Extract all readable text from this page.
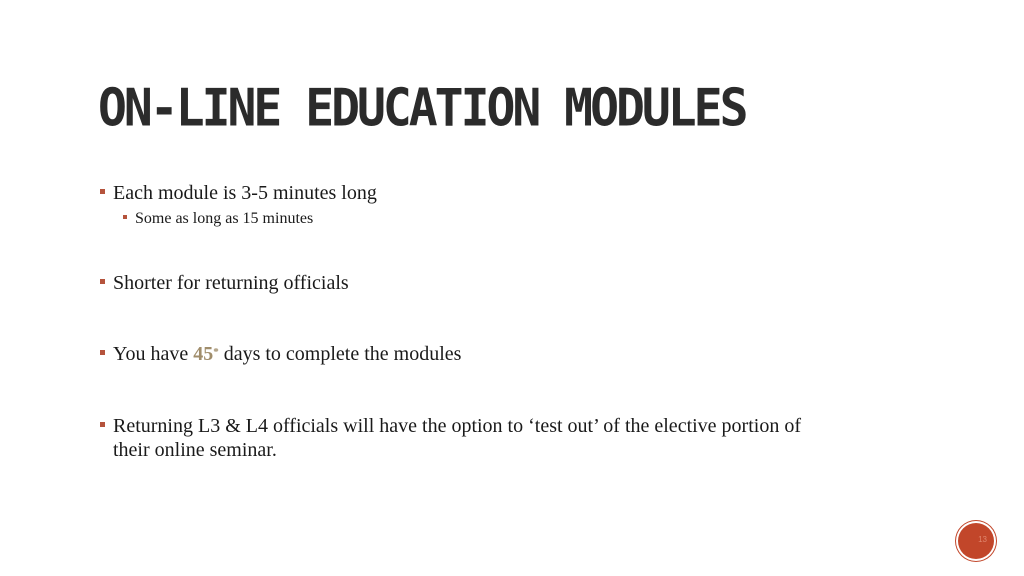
ON-LINE EDUCATION MODULES
Each module is 3-5 minutes long
Some as long as 15 minutes
Shorter for returning officials
You have 45* days to complete the modules
Returning L3 & L4 officials will have the option to ‘test out’ of the elective portion of
their online seminar.
13
